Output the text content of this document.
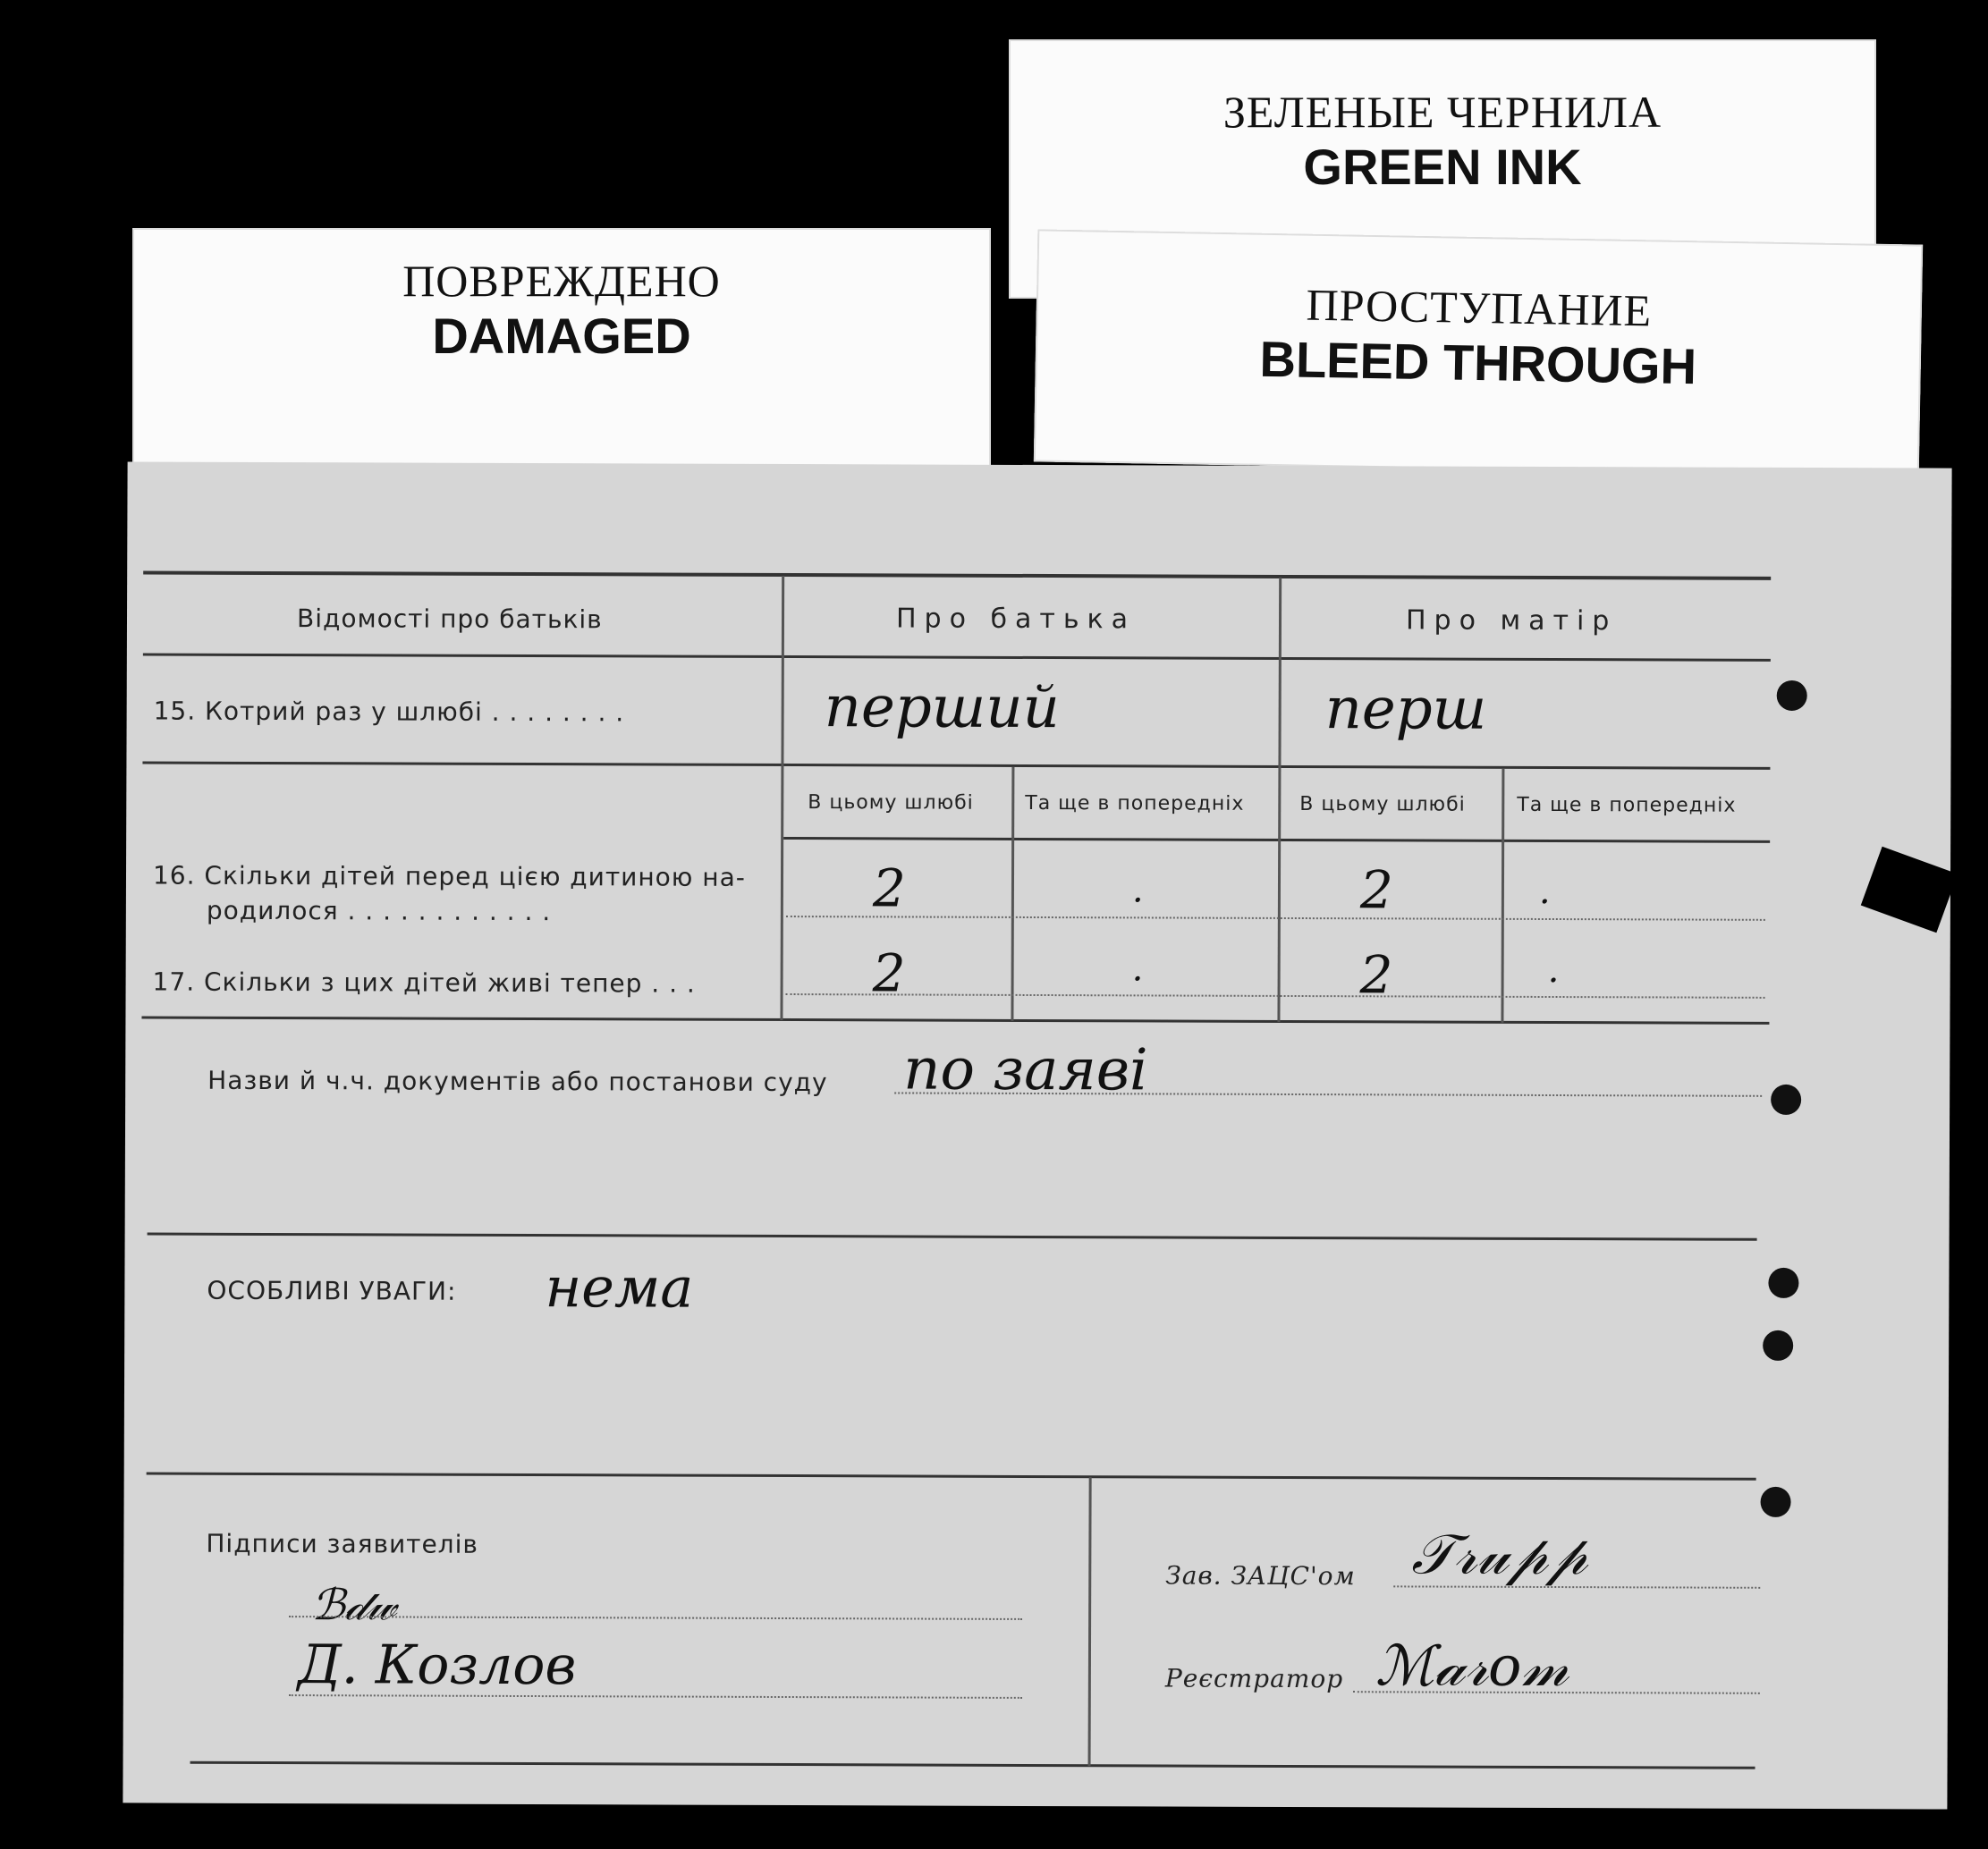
ПОВРЕЖДЕНО
DAMAGED
ЗЕЛЕНЫЕ ЧЕРНИЛА
GREEN INK
ПРОСТУПАНИЕ
BLEED THROUGH
Відомості про батьків	Про батька	Про матір
15. Котрий раз у шлюбі . . . . . . . .	перший	перш
В цьому шлюбі	Та ще в попередніх	В цьому шлюбі	Та ще в попередніх
16. Скільки дітей перед цією дитиною на-
родилося . . . . . . . . . . . .	2	.	2	.
17. Скільки з цих дітей живі тепер . . .	2	.	2	.
Назви й ч.ч. документів або постанови суду по заяві
ОСОБЛИВІ УВАГИ: нема
Підписи заявителів
ℬ𝒹𝓌
Д. Козлов
Зав. ЗАЦС'ом 𝒯𝓇𝓊𝓅𝓅
Реєстратор ℳ𝒶𝓇𝑜𝓂
